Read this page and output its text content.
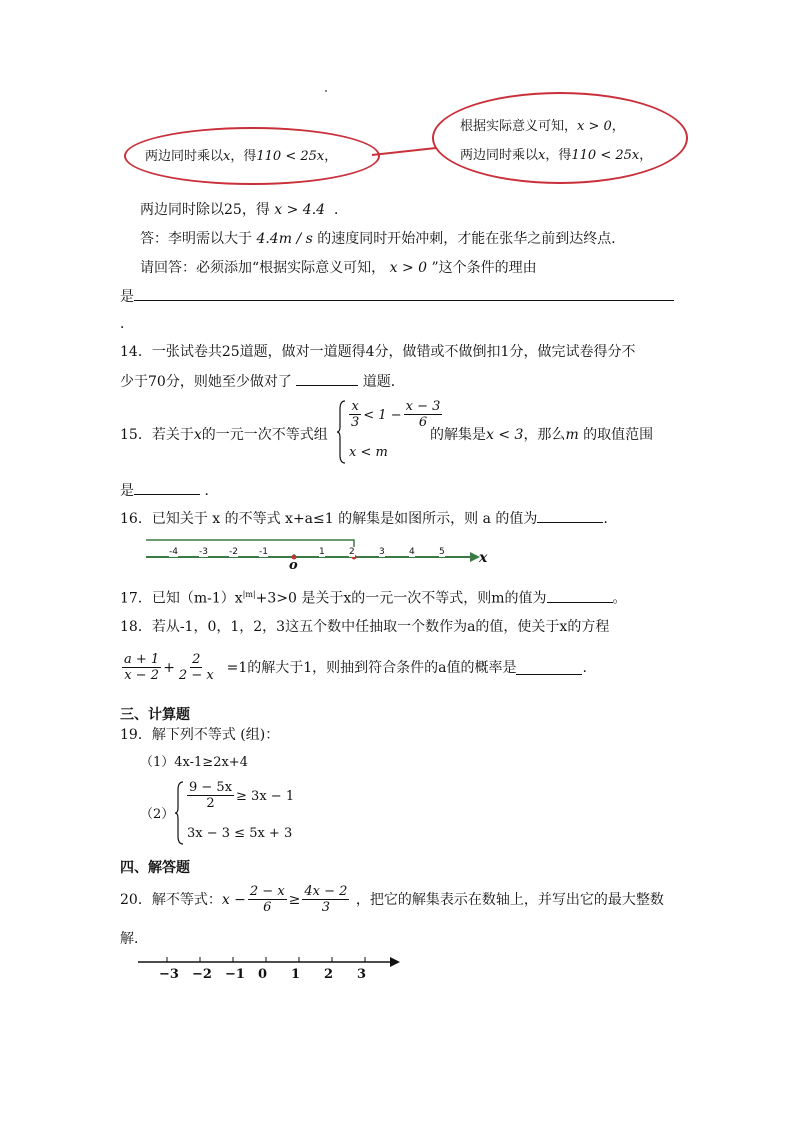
两边同时乘以x，得110 < 25x，
根据实际意义可知，x > 0，
两边同时乘以x，得110 < 25x，
两边同时除以25，得 x > 4.4 ．
答：李明需以大于 4.4m / s 的速度同时开始冲刺，才能在张华之前到达终点．
请回答：必须添加“根据实际意义可知， x > 0 ”这个条件的理由
是
．
14．一张试卷共25道题，做对一道题得4分，做错或不做倒扣1分，做完试卷得分不
少于70分，则她至少做对了	道题．
15．若关于x的一元一次不等式组
$\frac{x}{3} < 1 - \frac{x - 3}{6}$
x < m
的解集是x < 3，那么m 的取值范围
是	．
16．已知关于 x 的不等式 x+a≤1 的解集是如图所示，则 a 的值为	.
-4 -3 -2 -1	1	2	3	4	5 x
o
17．已知$(m-1)x^{|m|}+3>0$ 是关于x的一元一次不等式，则m的值为	。
18．若从-1，0，1，2，3这五个数中任抽取一个数作为a的值，使关于x的方程
$\frac{a + 1}{x - 2} + \frac{2}{2 - x}$
=1的解大于1，则抽到符合条件的a值的概率是	.
三、计算题
19．解下列不等式 (组)：
（1）4x-1≥2x+4
（2）
$\frac{9 - 5x}{2} \ge 3x - 1$
3x − 3 ≤ 5x + 3
四、解答题
20．解不等式： $x - \frac{2 - x}{6} \ge \frac{4x - 2}{3}$
，把它的解集表示在数轴上，并写出它的最大整数
解．
−3 −2 −1 0 1 2 3
